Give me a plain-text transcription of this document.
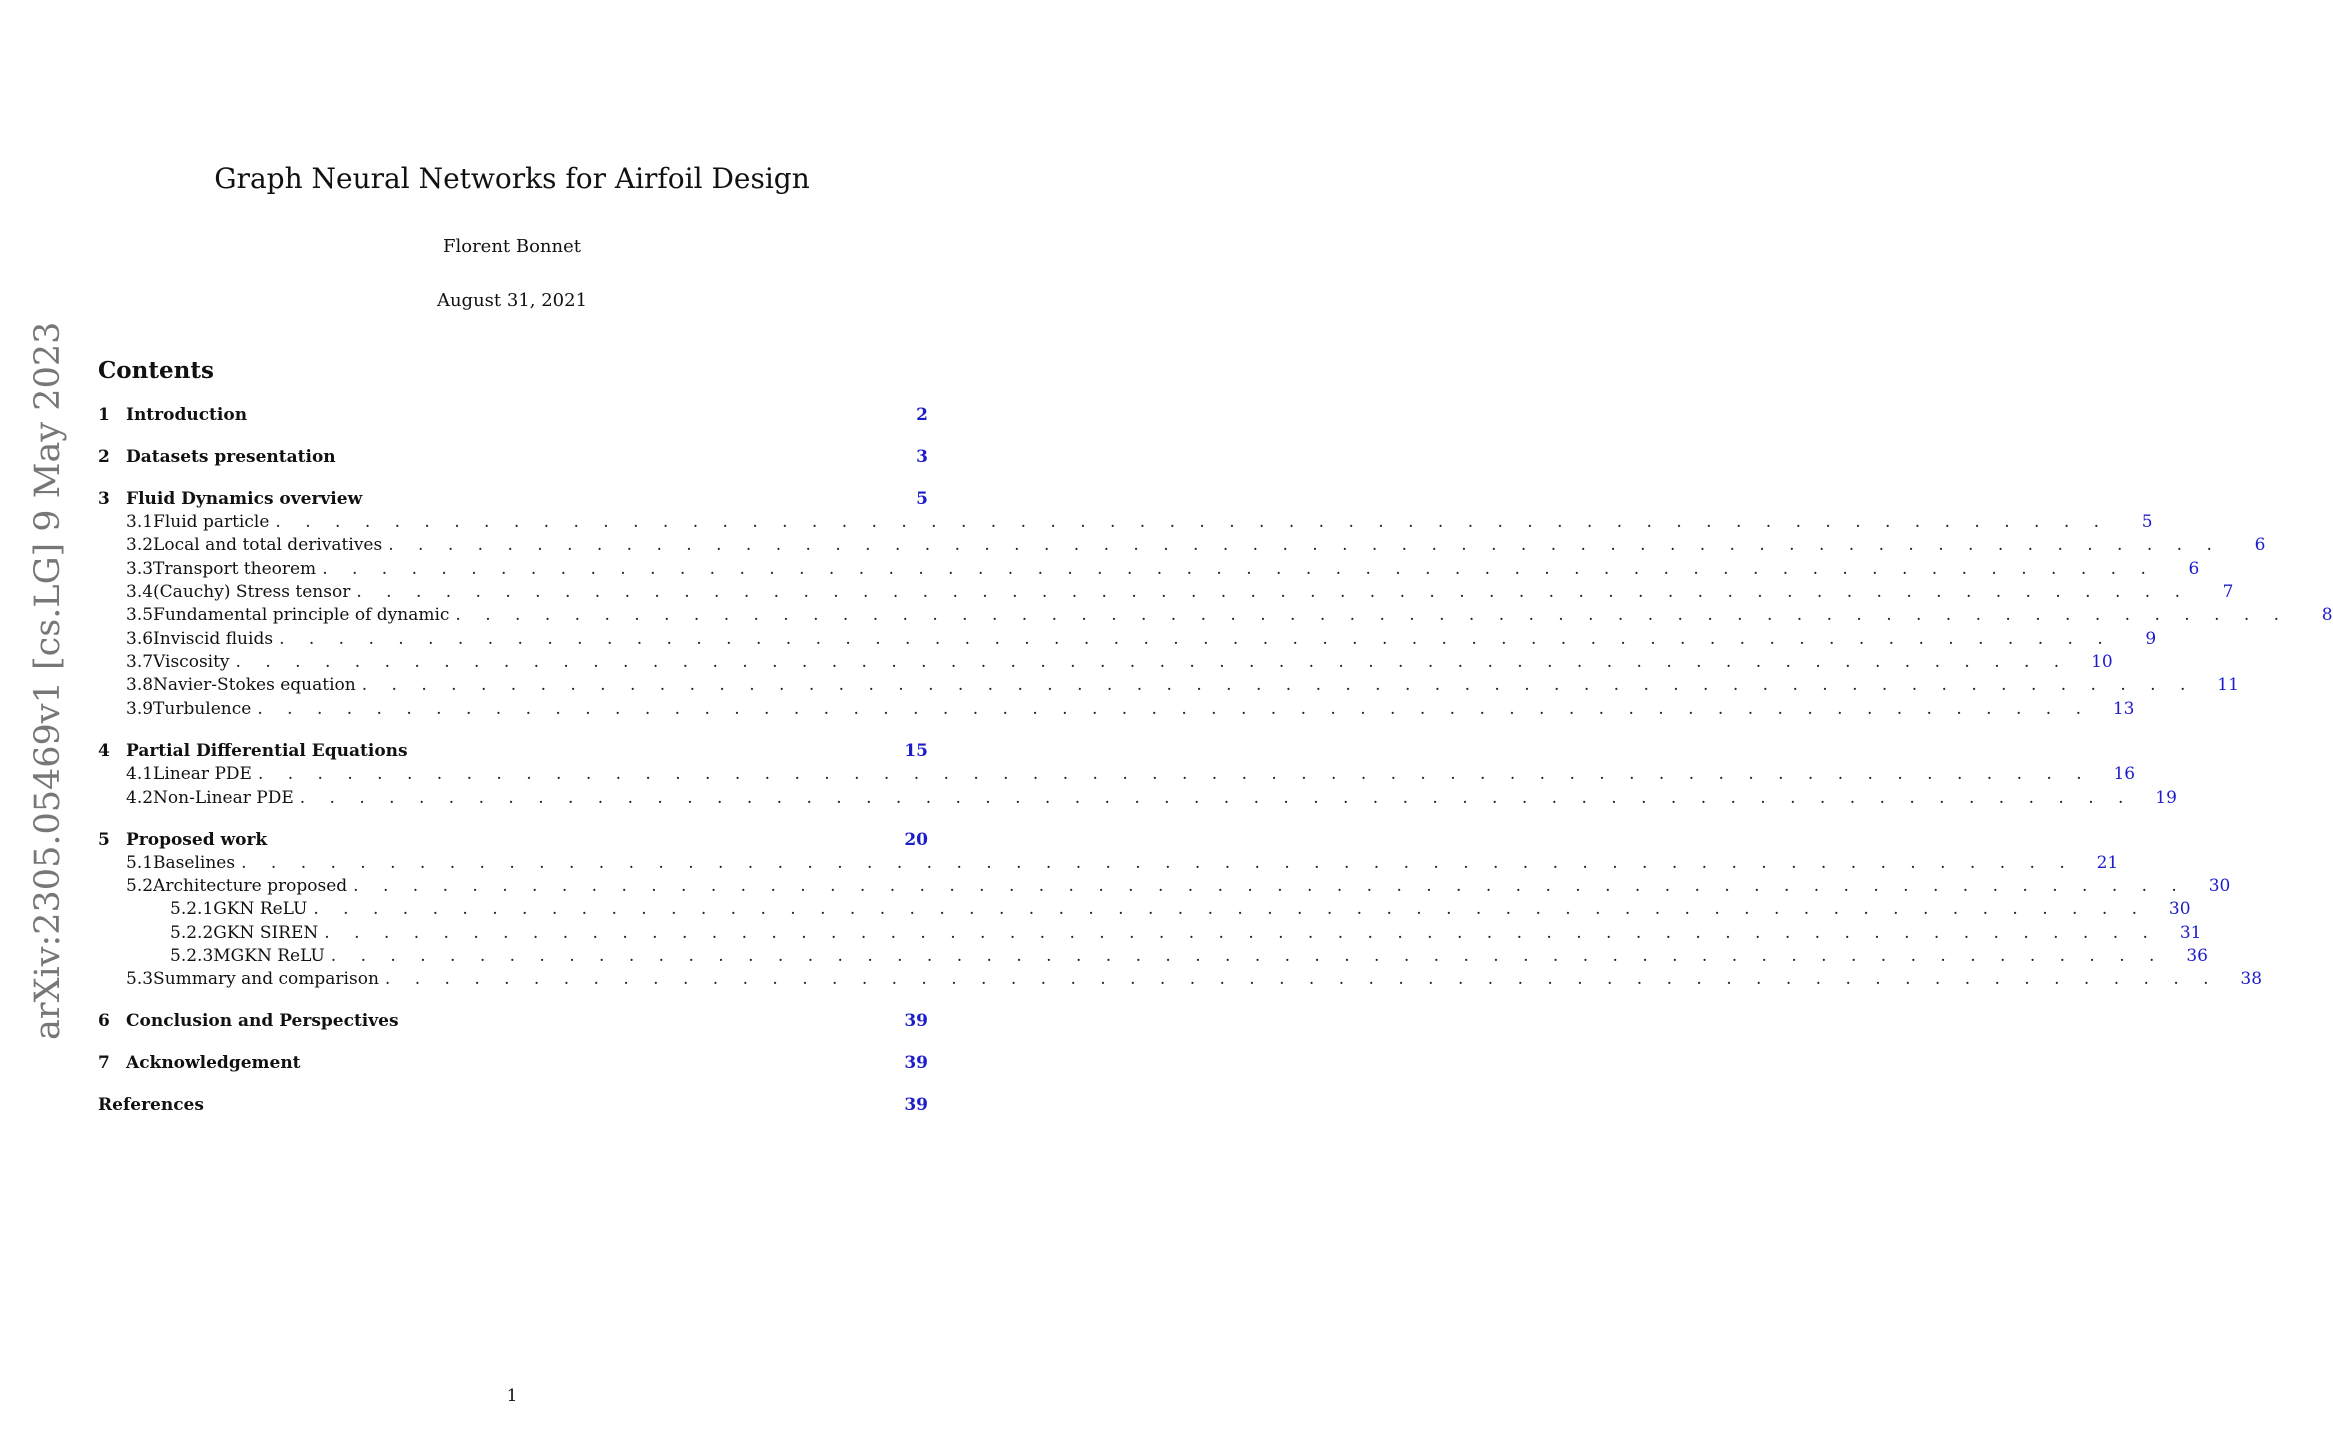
arXiv:2305.05469v1 [cs.LG] 9 May 2023
Graph Neural Networks for Airfoil Design
Florent Bonnet
August 31, 2021
Contents
1 Introduction	2
2 Datasets presentation	3
3 Fluid Dynamics overview	5
3.1 Fluid particle . . . . . . . . . . . . . . . . . . . . . . . . . . . . . . . . . . . . . . . . . . . . . . . . . . . . . . . . . . . . . .	5
3.2 Local and total derivatives . . . . . . . . . . . . . . . . . . . . . . . . . . . . . . . . . . . . . . . . . . . . . . . . . . . . . . . . . . . . . .	6
3.3 Transport theorem . . . . . . . . . . . . . . . . . . . . . . . . . . . . . . . . . . . . . . . . . . . . . . . . . . . . . . . . . . . . . .	6
3.4 (Cauchy) Stress tensor . . . . . . . . . . . . . . . . . . . . . . . . . . . . . . . . . . . . . . . . . . . . . . . . . . . . . . . . . . . . . .	7
3.5 Fundamental principle of dynamic . . . . . . . . . . . . . . . . . . . . . . . . . . . . . . . . . . . . . . . . . . . . . . . . . . . . . . . . . . . . . .	8
3.6 Inviscid fluids . . . . . . . . . . . . . . . . . . . . . . . . . . . . . . . . . . . . . . . . . . . . . . . . . . . . . . . . . . . . . .	9
3.7 Viscosity . . . . . . . . . . . . . . . . . . . . . . . . . . . . . . . . . . . . . . . . . . . . . . . . . . . . . . . . . . . . . . 10
3.8 Navier-Stokes equation . . . . . . . . . . . . . . . . . . . . . . . . . . . . . . . . . . . . . . . . . . . . . . . . . . . . . . . . . . . . . . 11
3.9 Turbulence . . . . . . . . . . . . . . . . . . . . . . . . . . . . . . . . . . . . . . . . . . . . . . . . . . . . . . . . . . . . . . 13
4 Partial Differential Equations	15
4.1 Linear PDE . . . . . . . . . . . . . . . . . . . . . . . . . . . . . . . . . . . . . . . . . . . . . . . . . . . . . . . . . . . . . . 16
4.2 Non-Linear PDE . . . . . . . . . . . . . . . . . . . . . . . . . . . . . . . . . . . . . . . . . . . . . . . . . . . . . . . . . . . . . . 19
5 Proposed work	20
5.1 Baselines . . . . . . . . . . . . . . . . . . . . . . . . . . . . . . . . . . . . . . . . . . . . . . . . . . . . . . . . . . . . . . 21
5.2 Architecture proposed . . . . . . . . . . . . . . . . . . . . . . . . . . . . . . . . . . . . . . . . . . . . . . . . . . . . . . . . . . . . . . 30
5.2.1 GKN ReLU . . . . . . . . . . . . . . . . . . . . . . . . . . . . . . . . . . . . . . . . . . . . . . . . . . . . . . . . . . . . . . 30
5.2.2 GKN SIREN . . . . . . . . . . . . . . . . . . . . . . . . . . . . . . . . . . . . . . . . . . . . . . . . . . . . . . . . . . . . . . 31
5.2.3 MGKN ReLU . . . . . . . . . . . . . . . . . . . . . . . . . . . . . . . . . . . . . . . . . . . . . . . . . . . . . . . . . . . . . . 36
5.3 Summary and comparison . . . . . . . . . . . . . . . . . . . . . . . . . . . . . . . . . . . . . . . . . . . . . . . . . . . . . . . . . . . . . . 38
6 Conclusion and Perspectives	39
7 Acknowledgement	39
References	39
1
